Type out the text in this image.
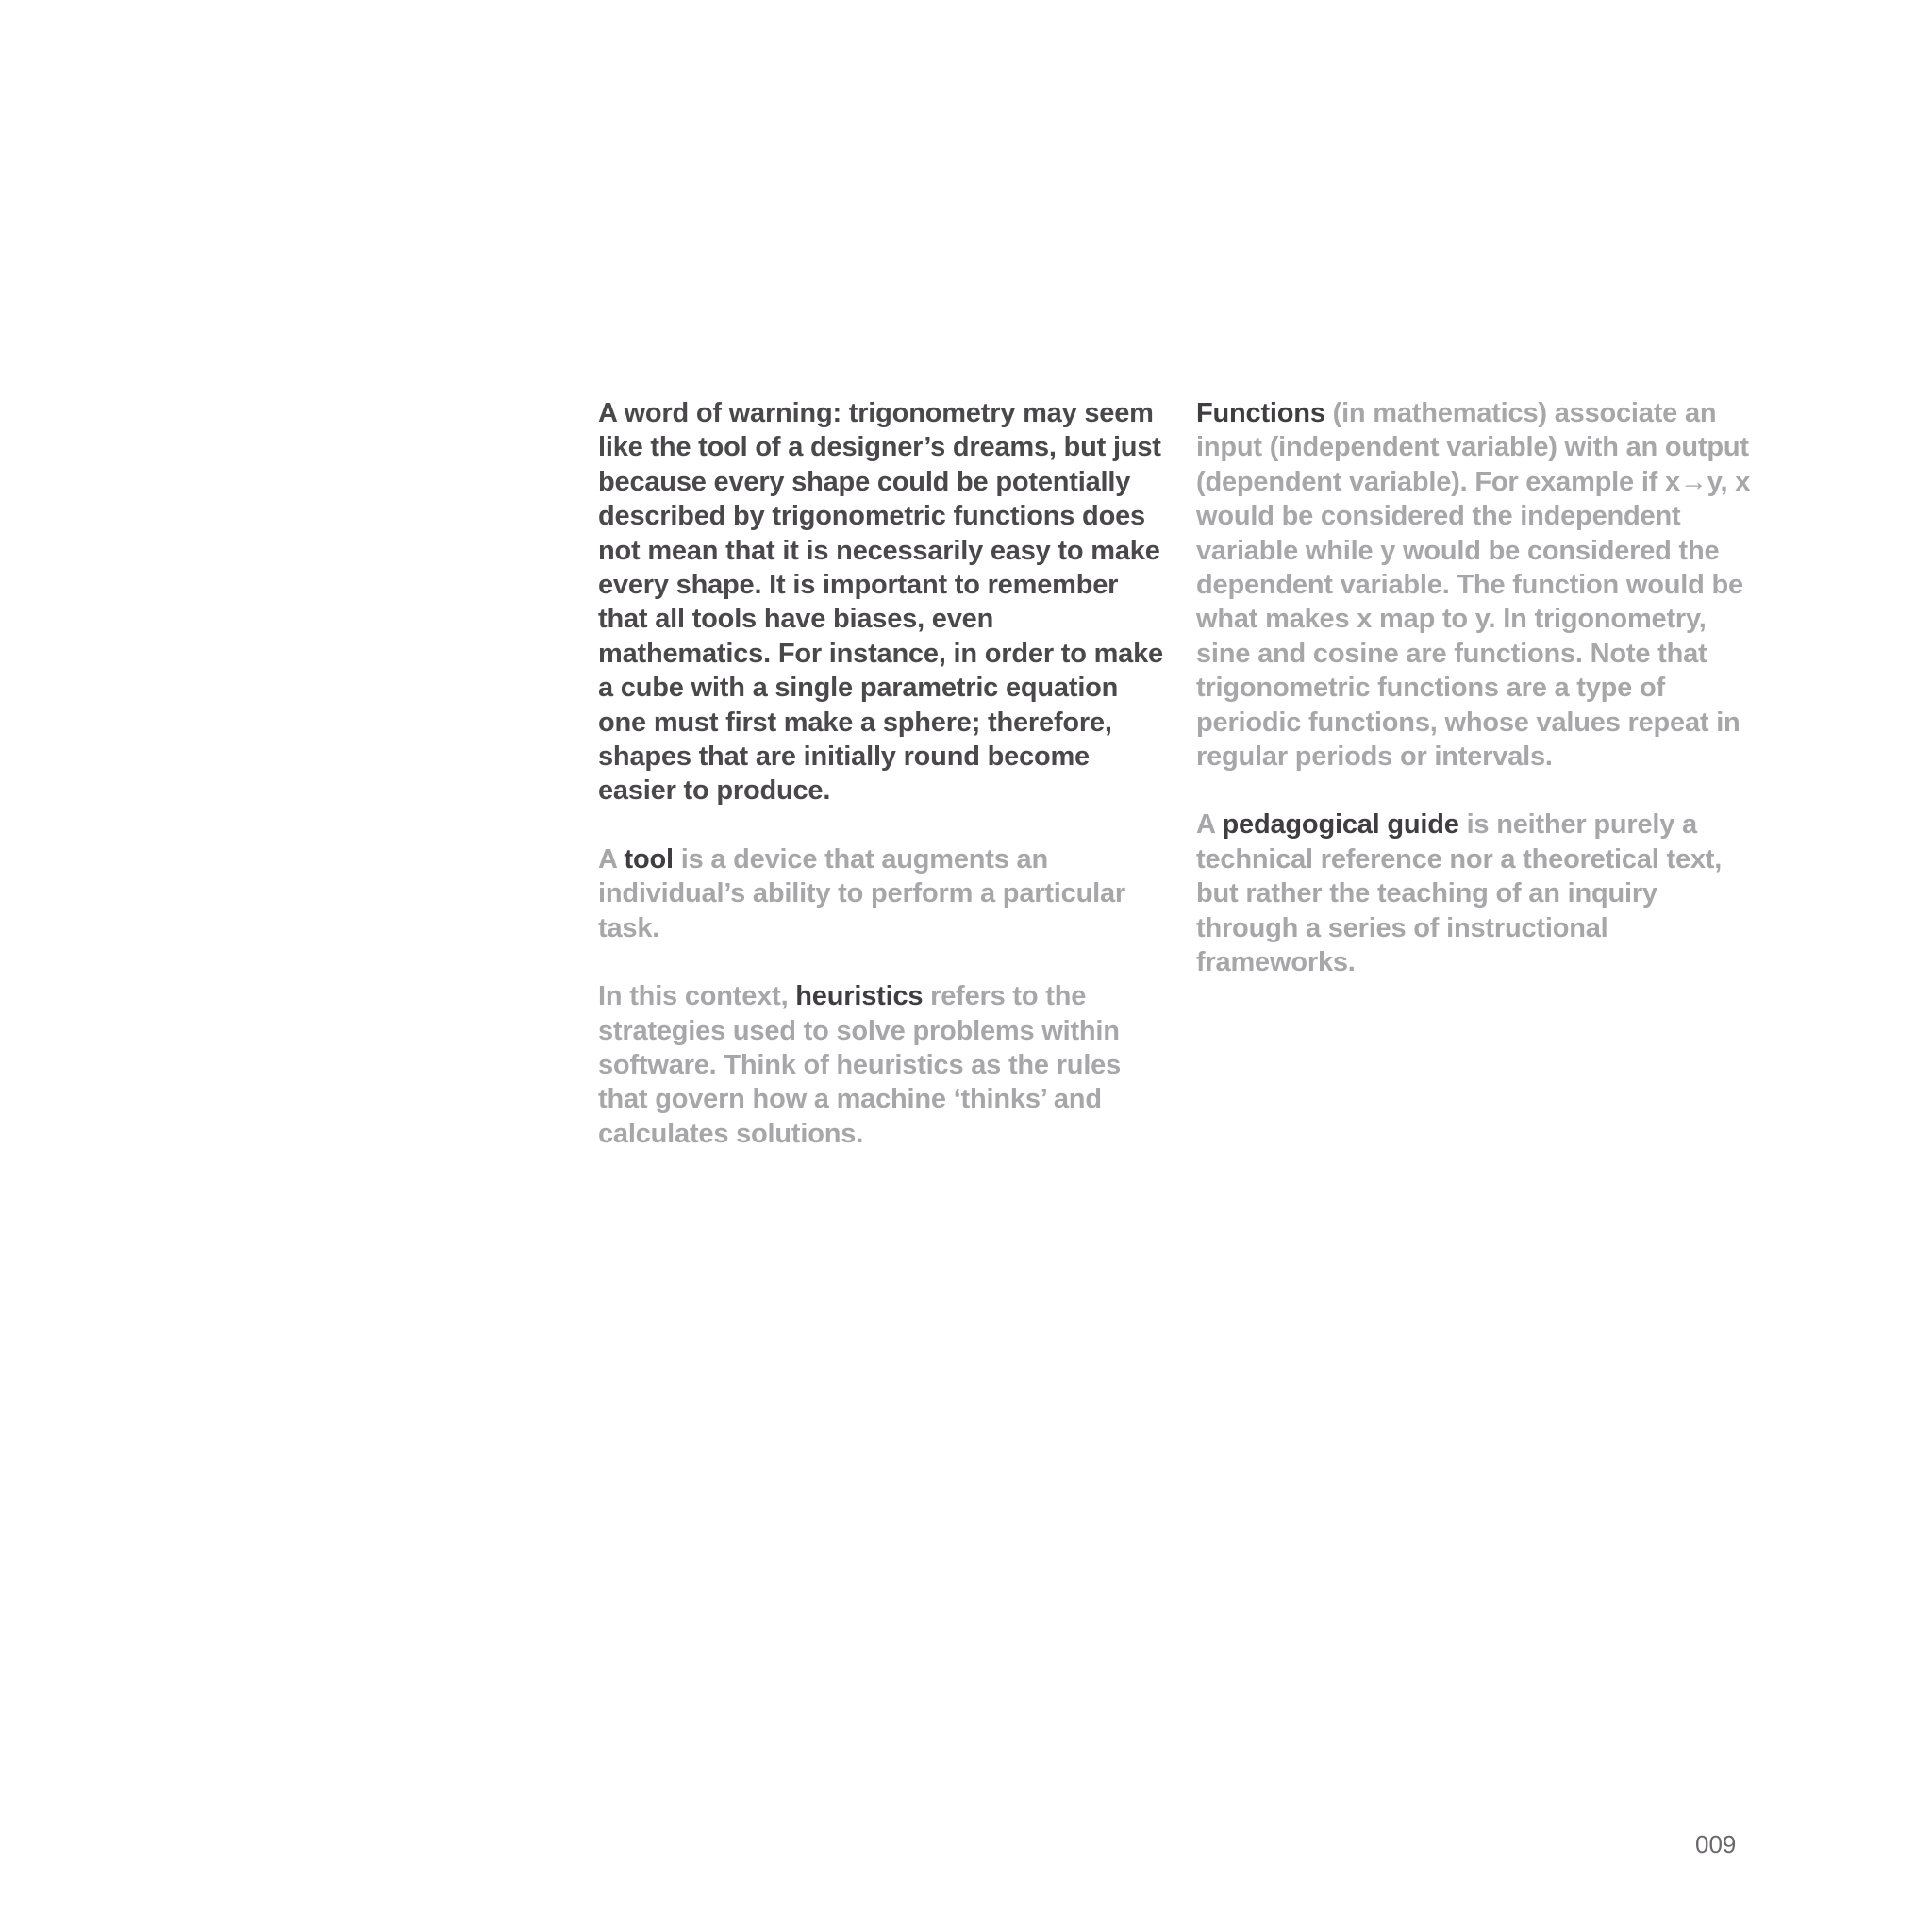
A word of warning: trigonometry may seem like the tool of a designer’s dreams, but just because every shape could be potentially described by trigonometric functions does not mean that it is necessarily easy to make every shape. It is important to remember that all tools have biases, even mathematics. For instance, in order to make a cube with a single parametric equation one must first make a sphere; therefore, shapes that are initially round become easier to produce.

A tool is a device that augments an individual’s ability to perform a particular task.

In this context, heuristics refers to the strategies used to solve problems within software. Think of heuristics as the rules that govern how a machine ‘thinks’ and calculates solutions.

Functions (in mathematics) associate an input (independent variable) with an output (dependent variable). For example if x→y, x would be considered the independent variable while y would be considered the dependent variable. The function would be what makes x map to y. In trigonometry, sine and cosine are functions. Note that trigonometric functions are a type of periodic functions, whose values repeat in regular periods or intervals.

A pedagogical guide is neither purely a technical reference nor a theoretical text, but rather the teaching of an inquiry through a series of instructional frameworks.

009
